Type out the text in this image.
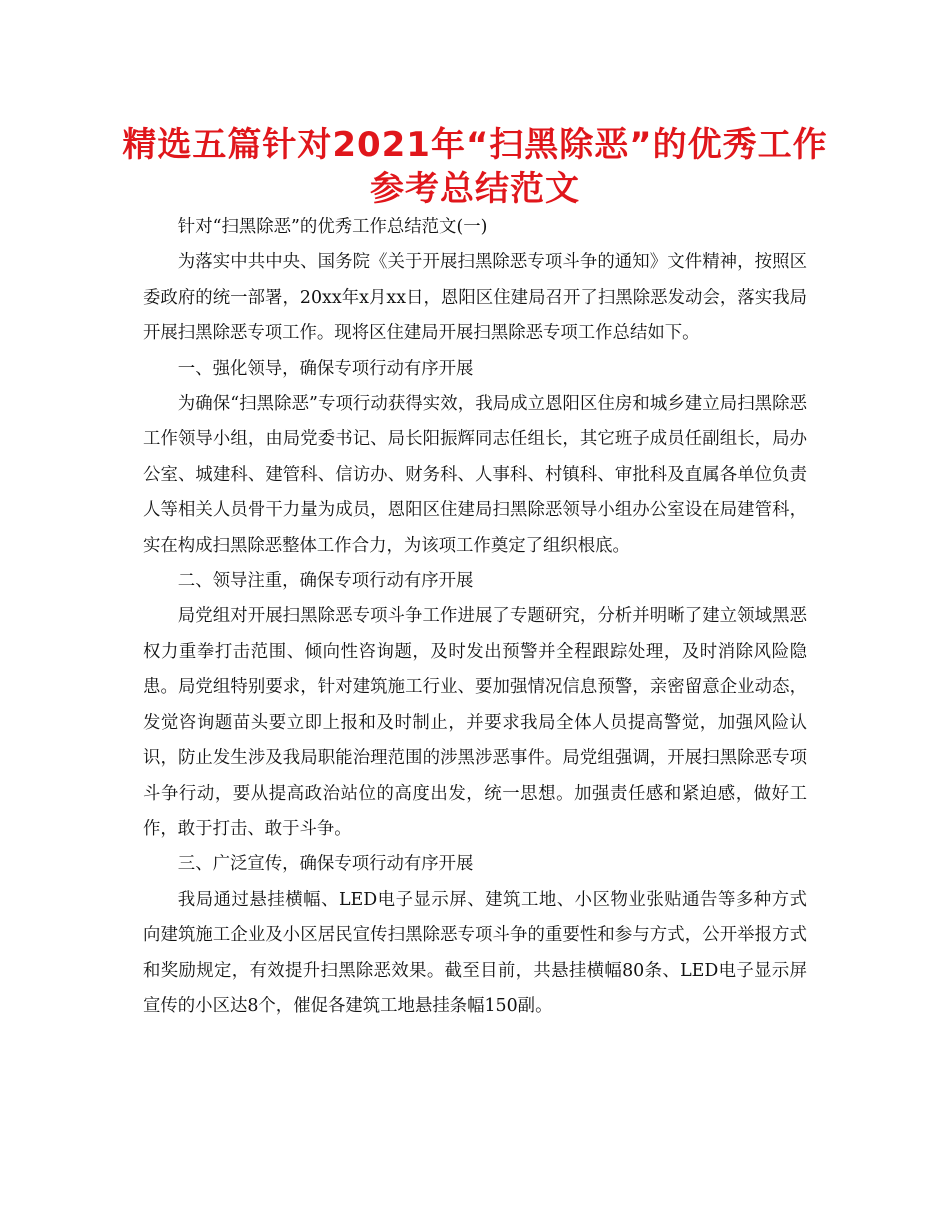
精选五篇针对2021年“扫黑除恶”的优秀工作
参考总结范文

针对“扫黑除恶”的优秀工作总结范文(一)

为落实中共中央、国务院《关于开展扫黑除恶专项斗争的通知》文件精神，按照区委政府的统一部署，20xx年x月xx日，恩阳区住建局召开了扫黑除恶发动会，落实我局开展扫黑除恶专项工作。现将区住建局开展扫黑除恶专项工作总结如下。

一、强化领导，确保专项行动有序开展

为确保“扫黑除恶”专项行动获得实效，我局成立恩阳区住房和城乡建立局扫黑除恶工作领导小组，由局党委书记、局长阳振辉同志任组长，其它班子成员任副组长，局办公室、城建科、建管科、信访办、财务科、人事科、村镇科、审批科及直属各单位负责人等相关人员骨干力量为成员，恩阳区住建局扫黑除恶领导小组办公室设在局建管科，实在构成扫黑除恶整体工作合力，为该项工作奠定了组织根底。

二、领导注重，确保专项行动有序开展

局党组对开展扫黑除恶专项斗争工作进展了专题研究，分析并明晰了建立领域黑恶权力重拳打击范围、倾向性咨询题，及时发出预警并全程跟踪处理，及时消除风险隐患。局党组特别要求，针对建筑施工行业、要加强情况信息预警，亲密留意企业动态，发觉咨询题苗头要立即上报和及时制止，并要求我局全体人员提高警觉，加强风险认识，防止发生涉及我局职能治理范围的涉黑涉恶事件。局党组强调，开展扫黑除恶专项斗争行动，要从提高政治站位的高度出发，统一思想。加强责任感和紧迫感，做好工作，敢于打击、敢于斗争。

三、广泛宣传，确保专项行动有序开展

我局通过悬挂横幅、LED电子显示屏、建筑工地、小区物业张贴通告等多种方式向建筑施工企业及小区居民宣传扫黑除恶专项斗争的重要性和参与方式，公开举报方式和奖励规定，有效提升扫黑除恶效果。截至目前，共悬挂横幅80条、LED电子显示屏宣传的小区达8个，催促各建筑工地悬挂条幅150副。
